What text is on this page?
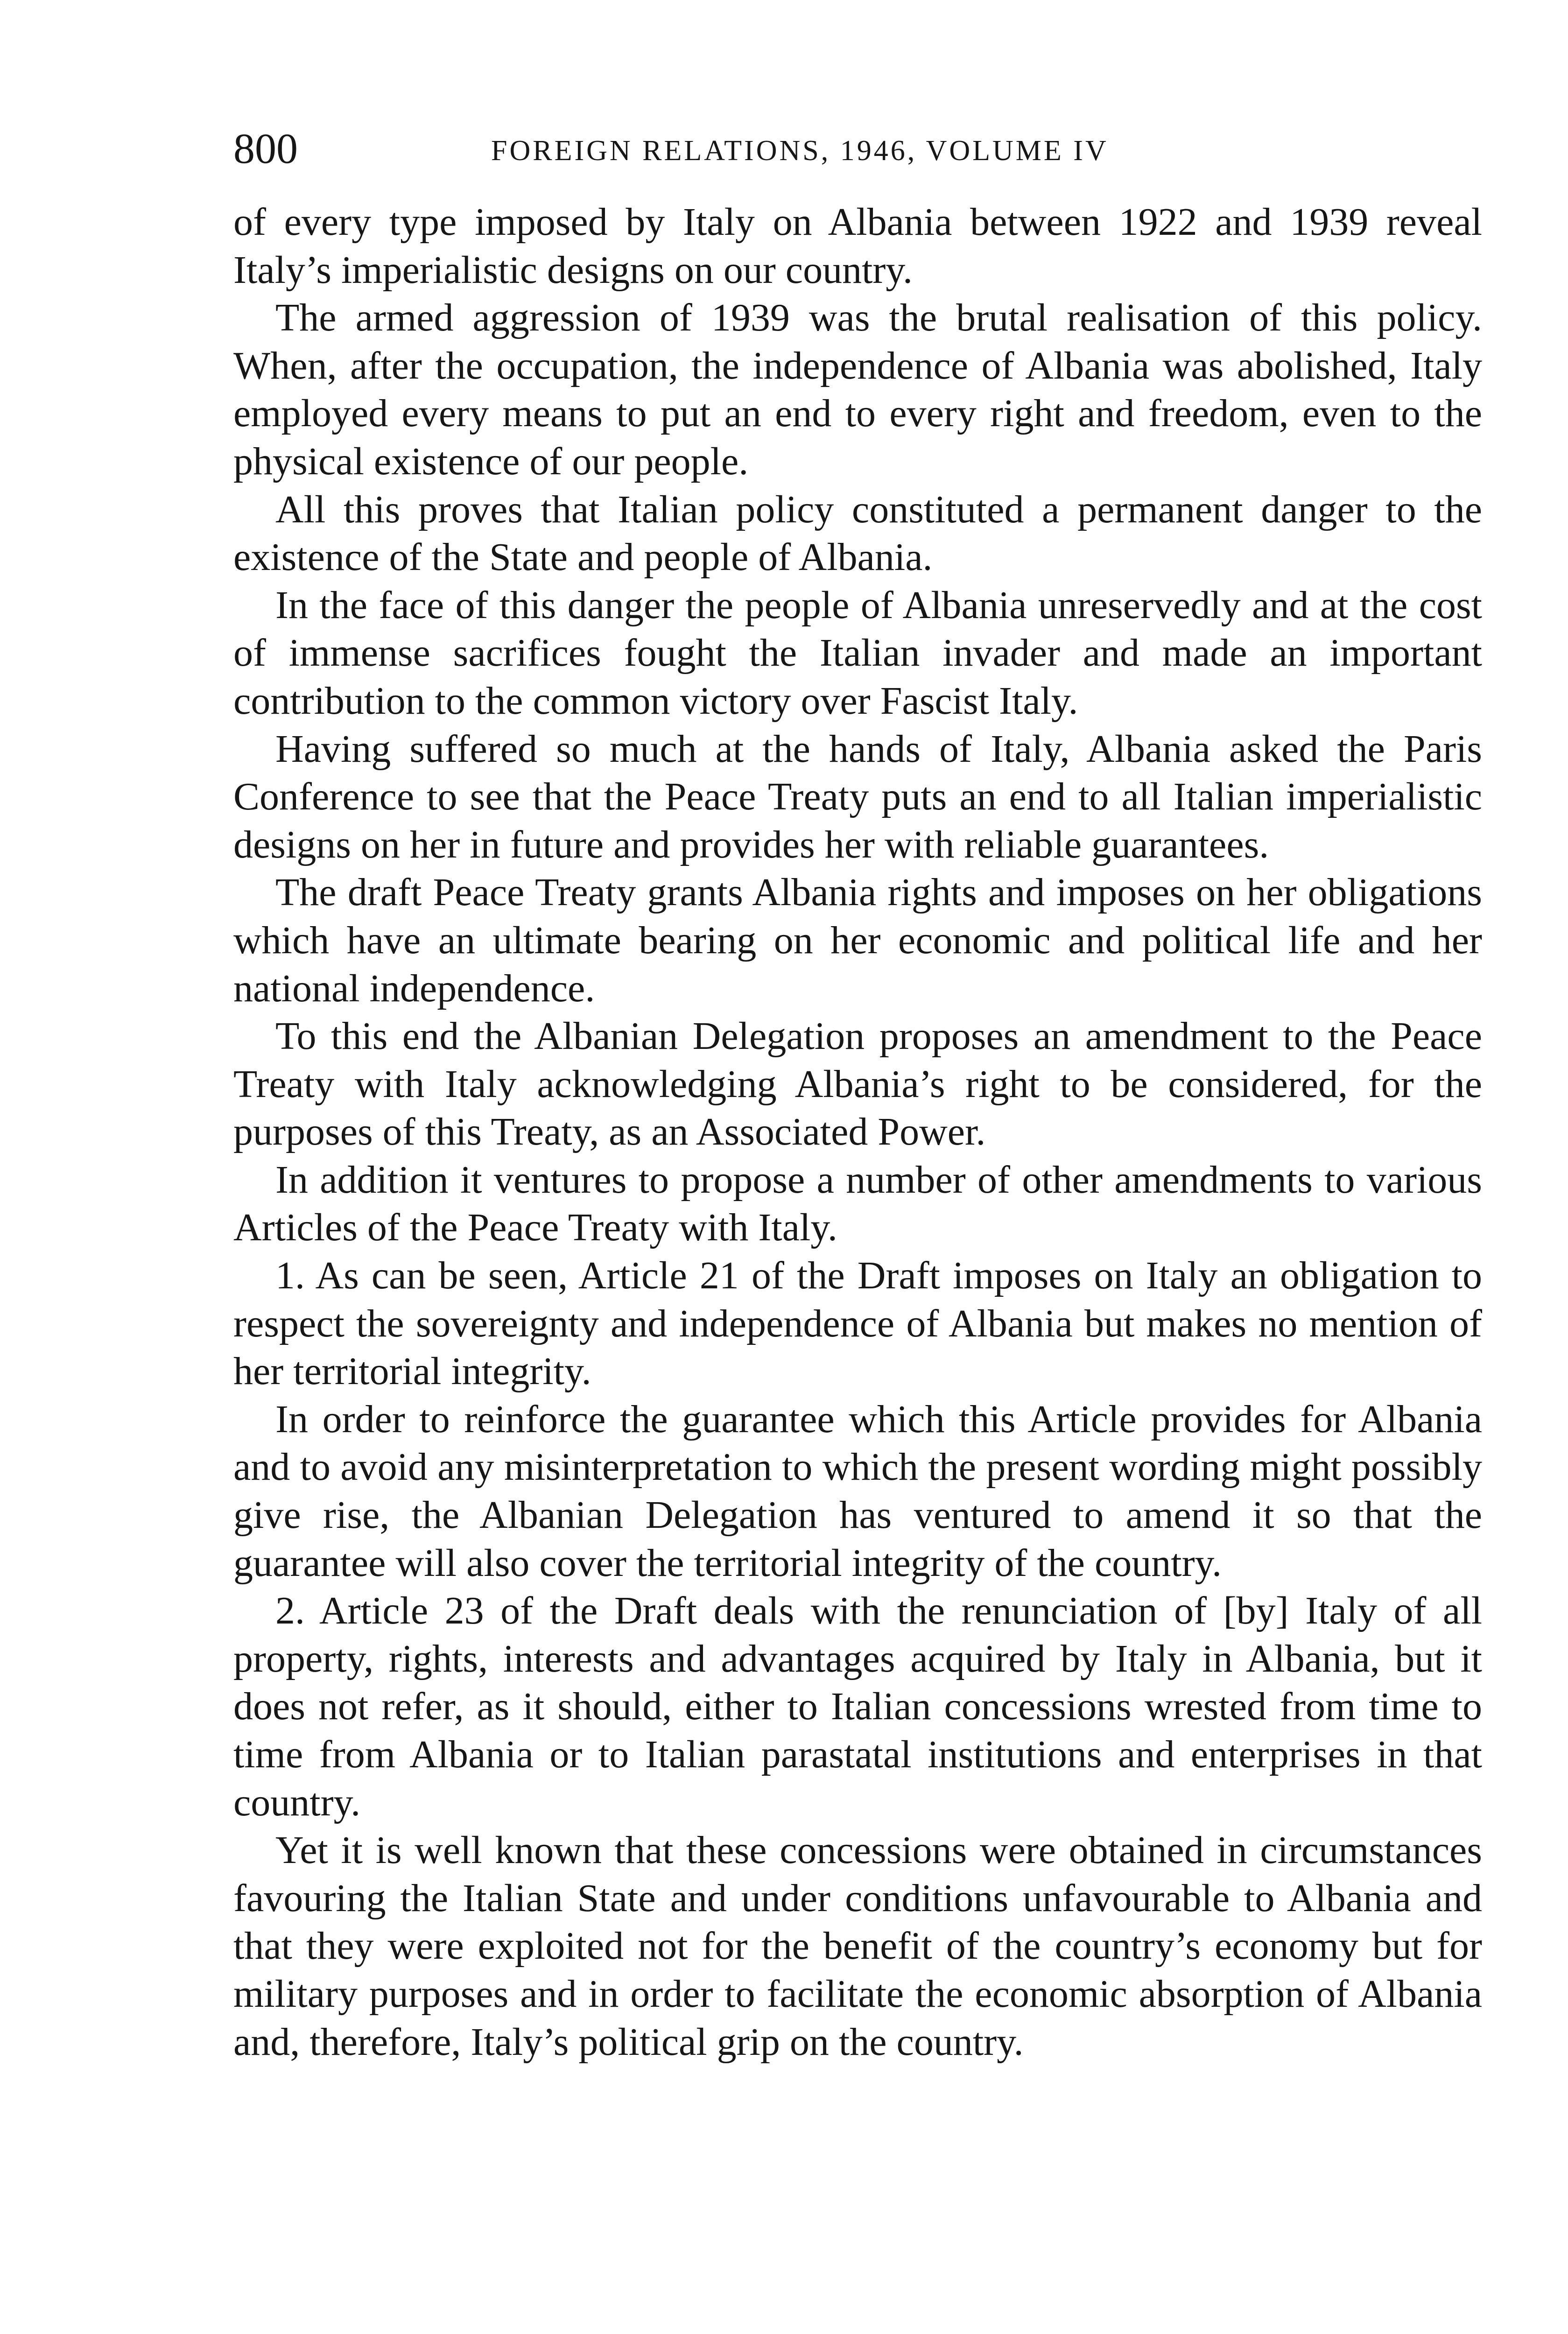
800	FOREIGN RELATIONS, 1946, VOLUME IV

of every type imposed by Italy on Albania between 1922 and 1939 reveal Italy’s imperialistic designs on our country.

The armed aggression of 1939 was the brutal realisation of this policy. When, after the occupation, the independence of Albania was abolished, Italy employed every means to put an end to every right and freedom, even to the physical existence of our people.

All this proves that Italian policy constituted a permanent danger to the existence of the State and people of Albania.

In the face of this danger the people of Albania unreservedly and at the cost of immense sacrifices fought the Italian invader and made an important contribution to the common victory over Fascist Italy.

Having suffered so much at the hands of Italy, Albania asked the Paris Conference to see that the Peace Treaty puts an end to all Italian imperialistic designs on her in future and provides her with reliable guarantees.

The draft Peace Treaty grants Albania rights and imposes on her obligations which have an ultimate bearing on her economic and political life and her national independence.

To this end the Albanian Delegation proposes an amendment to the Peace Treaty with Italy acknowledging Albania’s right to be considered, for the purposes of this Treaty, as an Associated Power.

In addition it ventures to propose a number of other amendments to various Articles of the Peace Treaty with Italy.

1. As can be seen, Article 21 of the Draft imposes on Italy an obligation to respect the sovereignty and independence of Albania but makes no mention of her territorial integrity.

In order to reinforce the guarantee which this Article provides for Albania and to avoid any misinterpretation to which the present wording might possibly give rise, the Albanian Delegation has ventured to amend it so that the guarantee will also cover the territorial integrity of the country.

2. Article 23 of the Draft deals with the renunciation of [by] Italy of all property, rights, interests and advantages acquired by Italy in Albania, but it does not refer, as it should, either to Italian concessions wrested from time to time from Albania or to Italian parastatal institutions and enterprises in that country.

Yet it is well known that these concessions were obtained in circumstances favouring the Italian State and under conditions unfavourable to Albania and that they were exploited not for the benefit of the country’s economy but for military purposes and in order to facilitate the economic absorption of Albania and, therefore, Italy’s political grip on the country.
